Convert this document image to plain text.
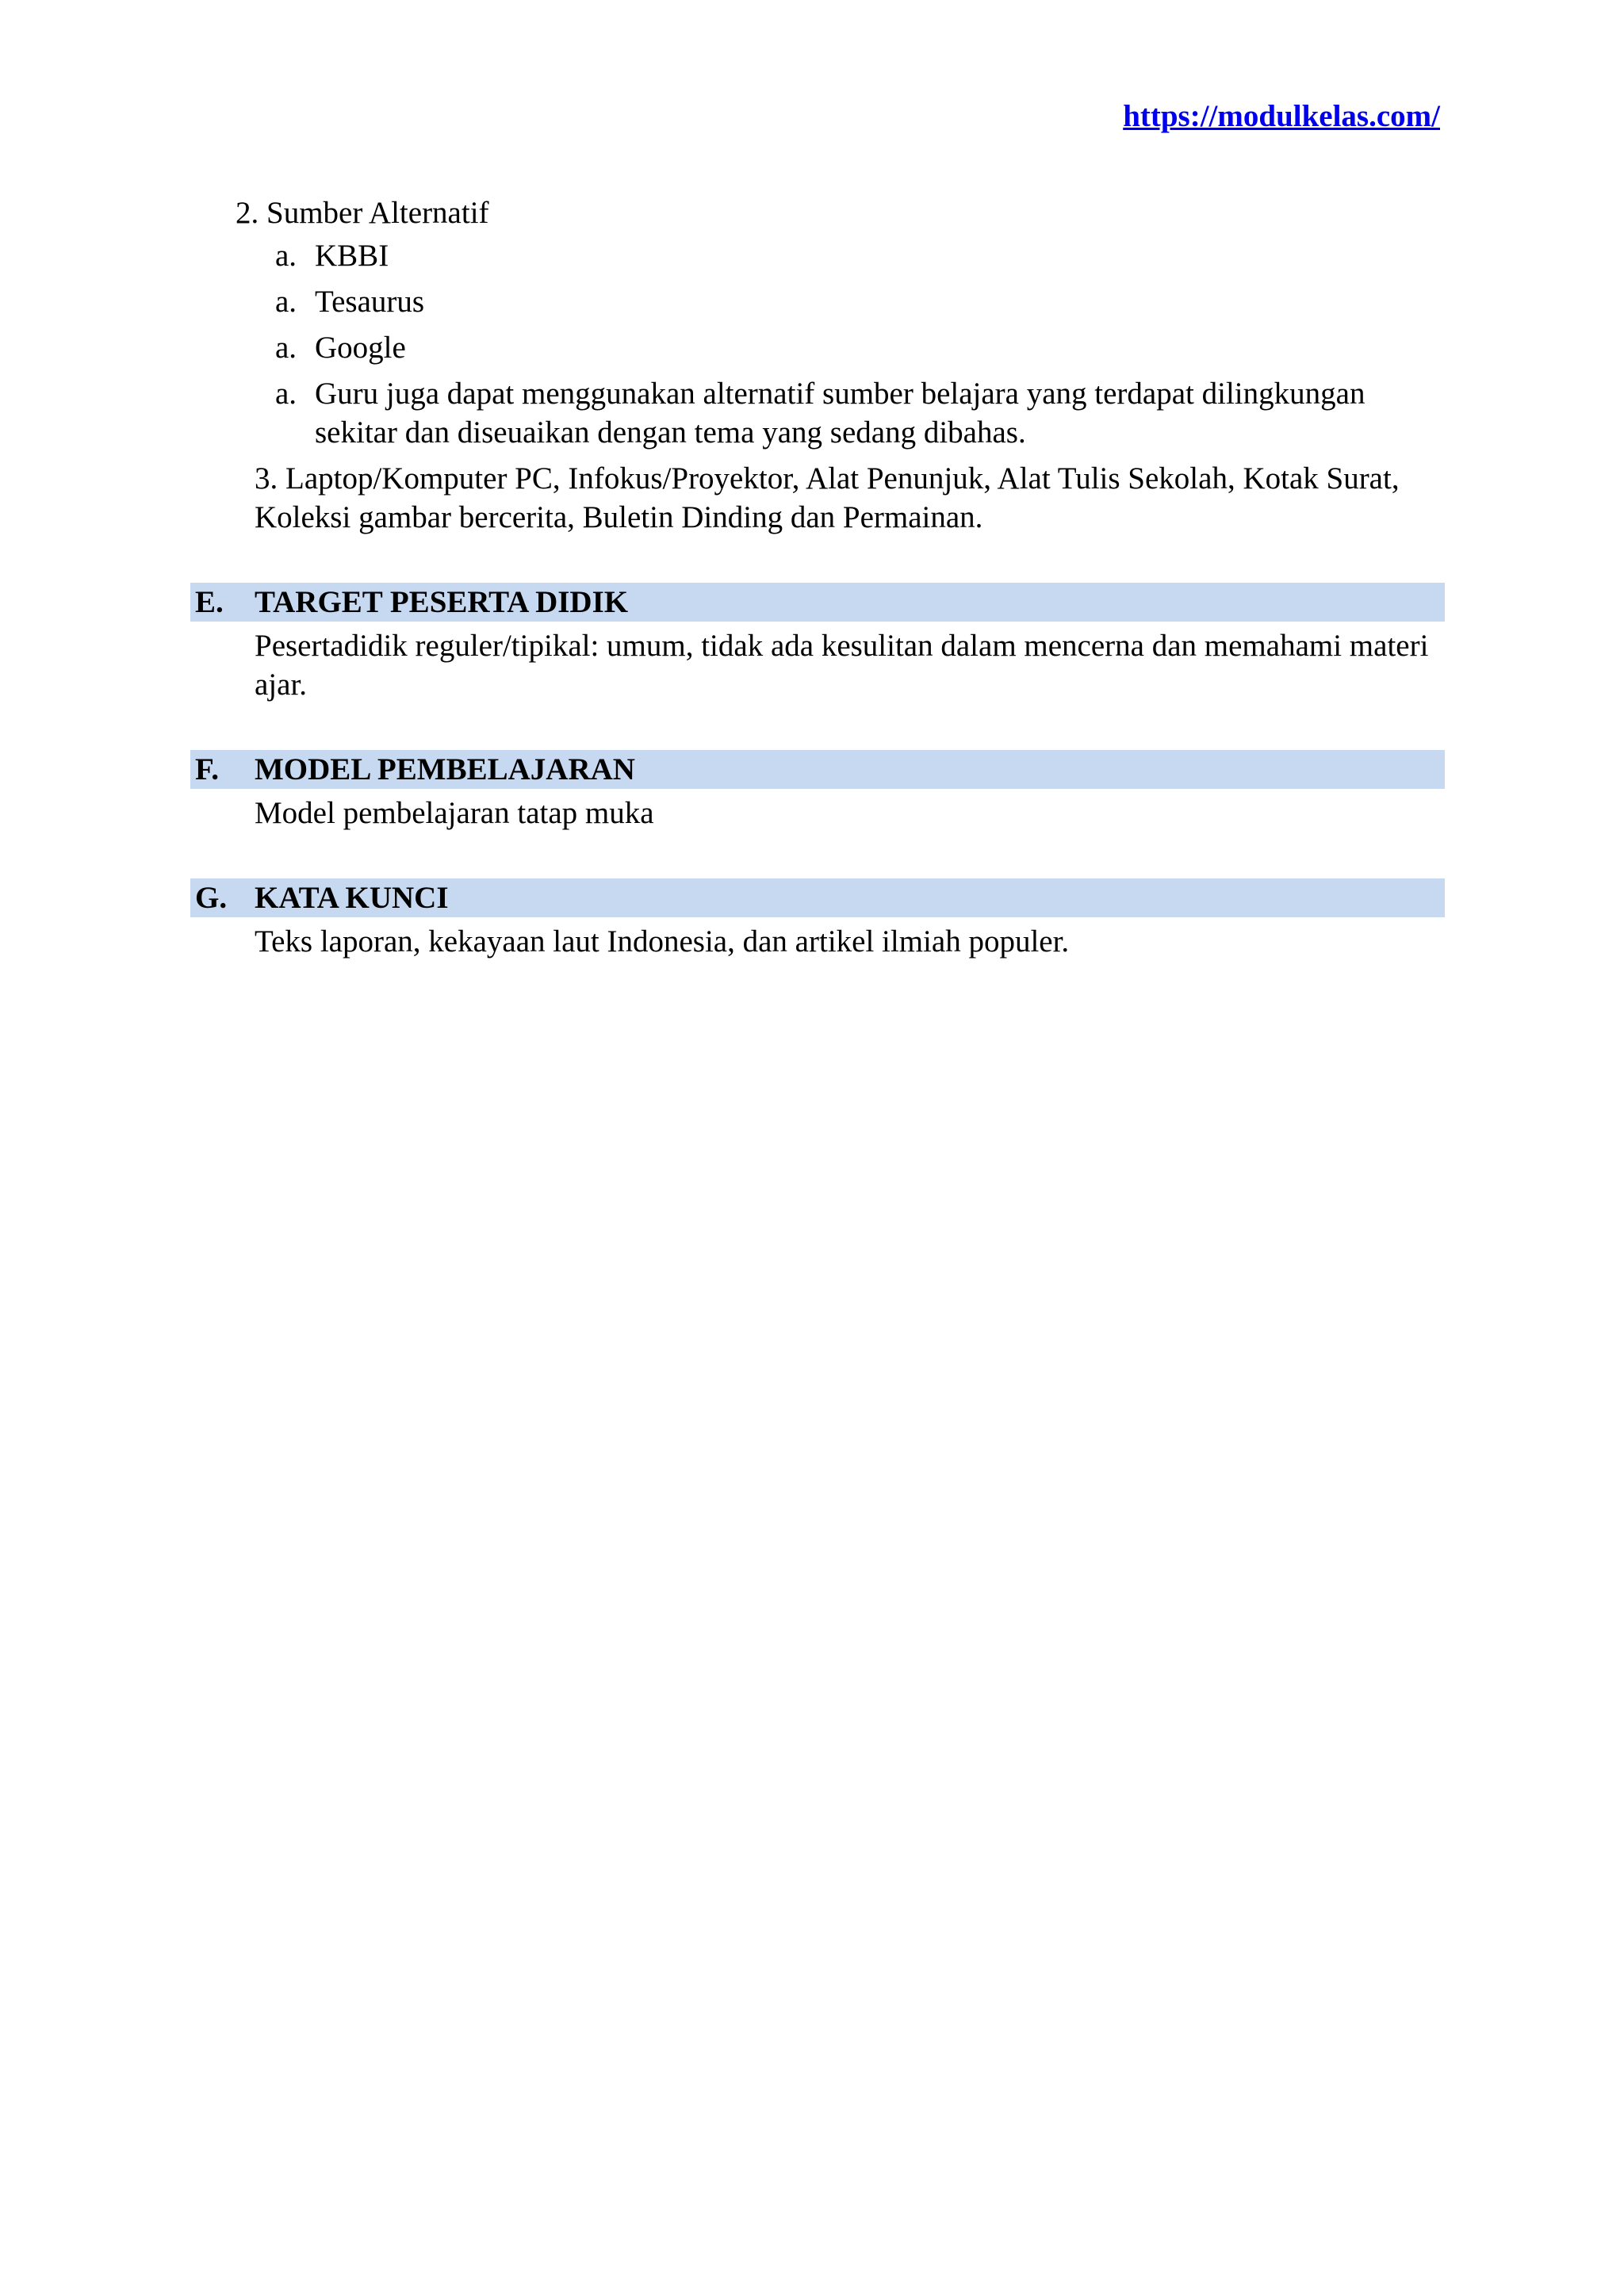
https://modulkelas.com/
2. Sumber Alternatif
a. KBBI
a. Tesaurus
a. Google
a. Guru juga dapat menggunakan alternatif sumber belajara yang terdapat dilingkungan sekitar dan diseuaikan dengan tema yang sedang dibahas.
3. Laptop/Komputer PC, Infokus/Proyektor, Alat Penunjuk, Alat Tulis Sekolah, Kotak Surat, Koleksi gambar bercerita, Buletin Dinding dan Permainan.
E. TARGET PESERTA DIDIK
Pesertadidik reguler/tipikal: umum, tidak ada kesulitan dalam mencerna dan memahami materi ajar.
F. MODEL PEMBELAJARAN
Model pembelajaran tatap muka
G. KATA KUNCI
Teks laporan, kekayaan laut Indonesia, dan artikel ilmiah populer.
